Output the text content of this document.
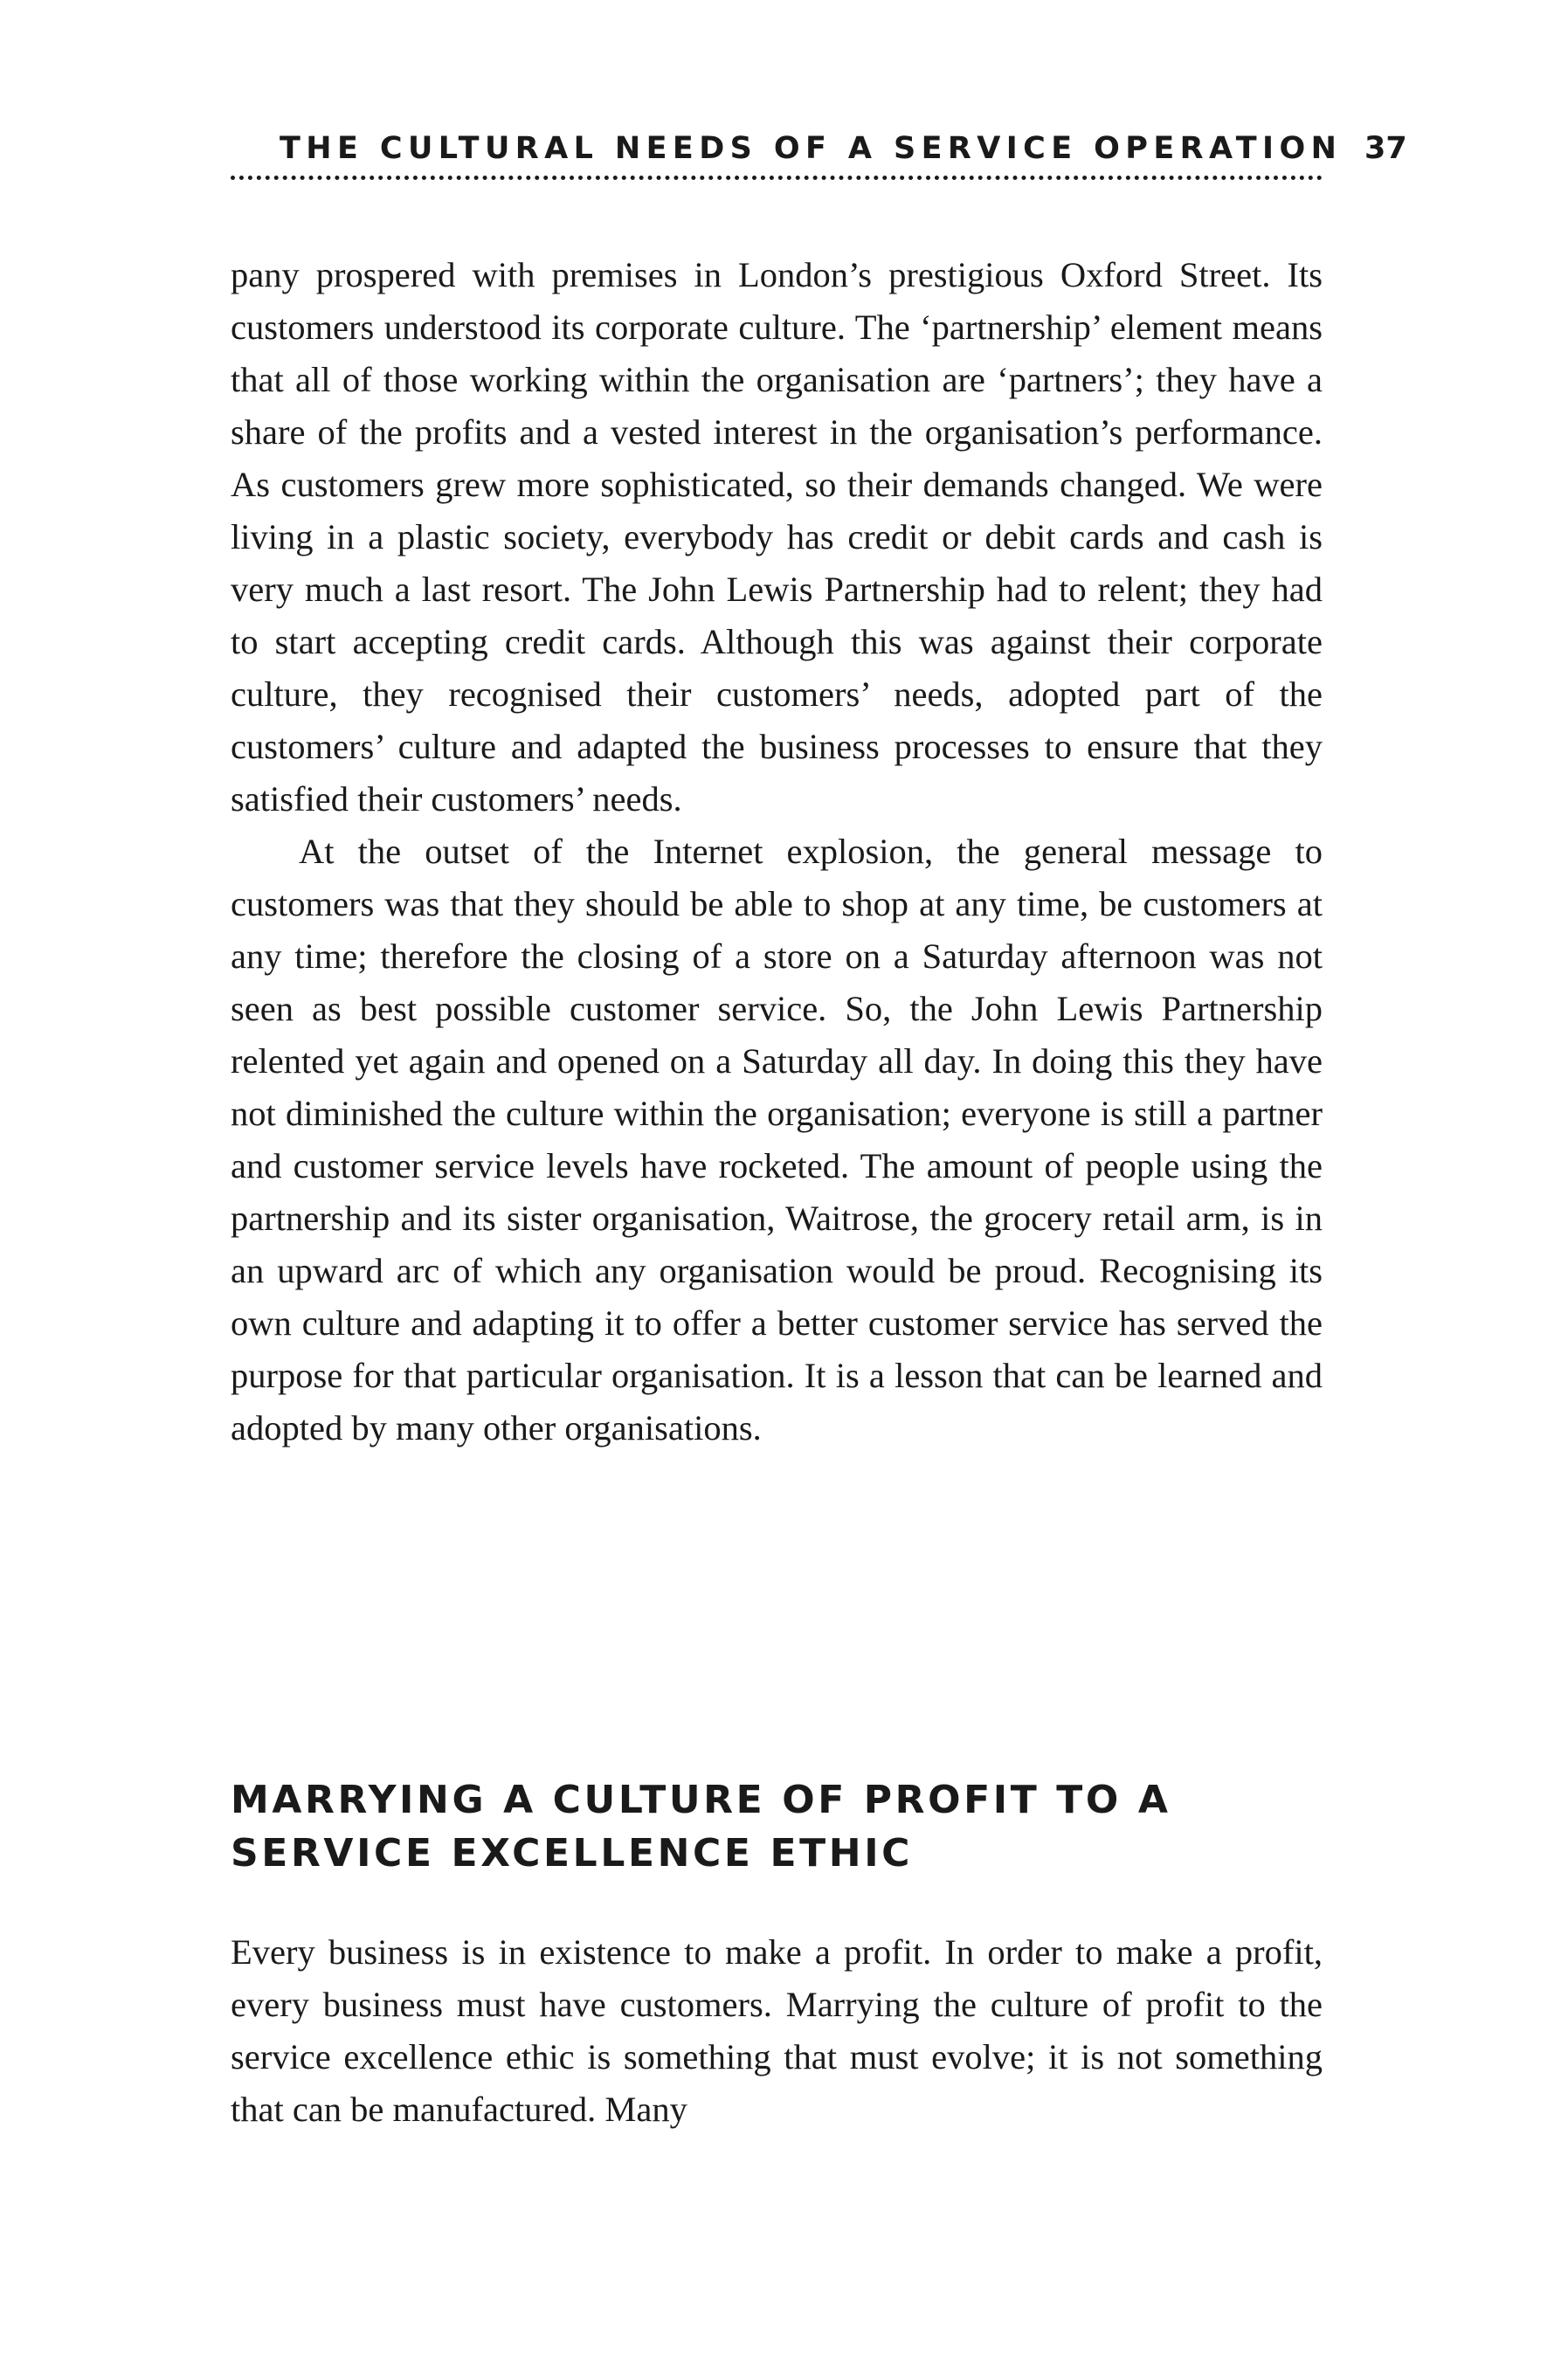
THE CULTURAL NEEDS OF A SERVICE OPERATION 37

pany prospered with premises in London’s prestigious Oxford Street. Its customers understood its corporate culture. The ‘partnership’ element means that all of those working within the organisation are ‘partners’; they have a share of the profits and a vested interest in the organisation’s performance. As customers grew more sophisticated, so their demands changed. We were living in a plastic society, everybody has credit or debit cards and cash is very much a last resort. The John Lewis Partnership had to relent; they had to start accepting credit cards. Although this was against their corporate culture, they recognised their customers’ needs, adopted part of the customers’ culture and adapted the business processes to ensure that they satisfied their customers’ needs.

At the outset of the Internet explosion, the general message to customers was that they should be able to shop at any time, be customers at any time; therefore the closing of a store on a Saturday afternoon was not seen as best possible customer service. So, the John Lewis Partnership relented yet again and opened on a Saturday all day. In doing this they have not diminished the culture within the organisation; everyone is still a partner and customer service levels have rocketed. The amount of people using the partnership and its sister organisation, Waitrose, the grocery retail arm, is in an upward arc of which any organisation would be proud. Recognising its own culture and adapting it to offer a better customer service has served the purpose for that particular organisation. It is a lesson that can be learned and adopted by many other organisations.

MARRYING A CULTURE OF PROFIT TO A
SERVICE EXCELLENCE ETHIC

Every business is in existence to make a profit. In order to make a profit, every business must have customers. Marrying the culture of profit to the service excellence ethic is something that must evolve; it is not something that can be manufactured. Many
